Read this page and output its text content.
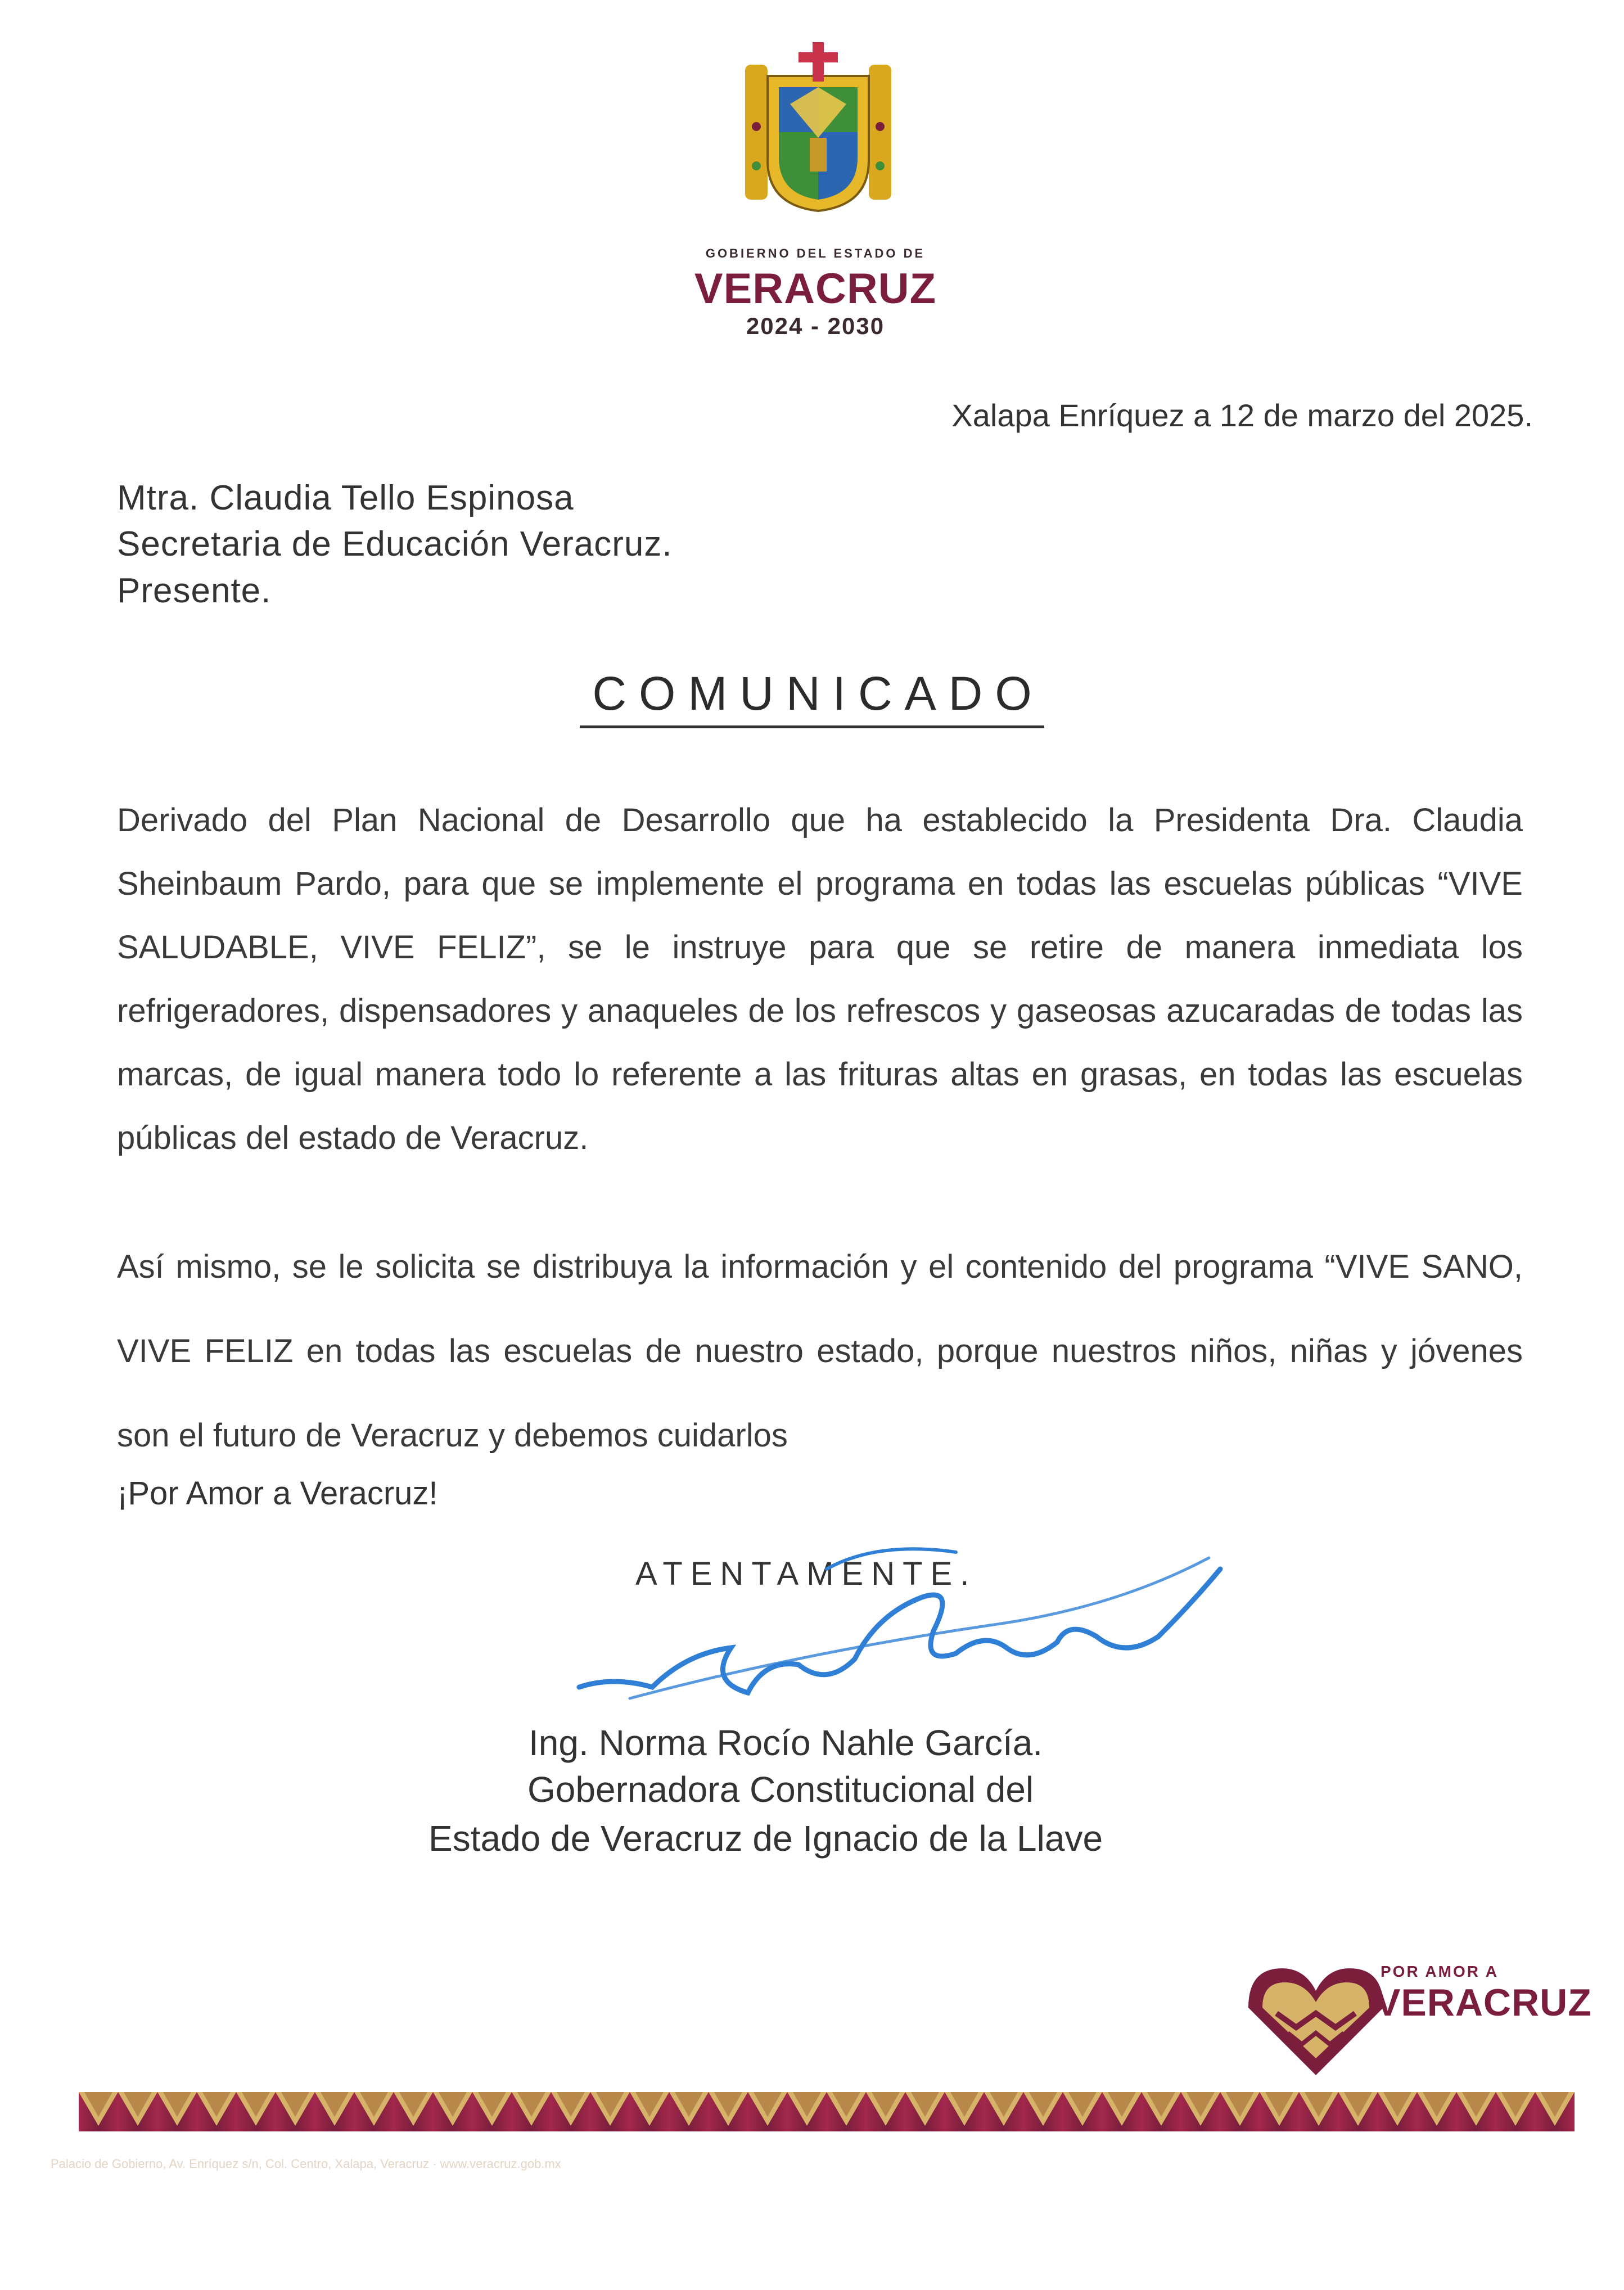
GOBIERNO DEL ESTADO DE
VERACRUZ
2024 - 2030
Xalapa Enríquez a 12 de marzo del 2025.
Mtra. Claudia Tello Espinosa
Secretaria de Educación Veracruz.
Presente.
COMUNICADO
Derivado del Plan Nacional de Desarrollo que ha establecido la Presidenta Dra. Claudia Sheinbaum Pardo, para que se implemente el programa en todas las escuelas públicas “VIVE SALUDABLE, VIVE FELIZ”, se le instruye para que se retire de manera inmediata los refrigeradores, dispensadores y anaqueles de los refrescos y gaseosas azucaradas de todas las marcas, de igual manera todo lo referente a las frituras altas en grasas, en todas las escuelas públicas del estado de Veracruz.
Así mismo, se le solicita se distribuya la información y el contenido del programa “VIVE SANO, VIVE FELIZ en todas las escuelas de nuestro estado, porque nuestros niños, niñas y jóvenes son el futuro de Veracruz y debemos cuidarlos
¡Por Amor a Veracruz!
ATENTAMENTE.
Ing. Norma Rocío Nahle García.
Gobernadora Constitucional del
Estado de Veracruz de Ignacio de la Llave
POR AMOR A
VERACRUZ
Palacio de Gobierno, Av. Enríquez s/n, Col. Centro, Xalapa, Veracruz · www.veracruz.gob.mx
